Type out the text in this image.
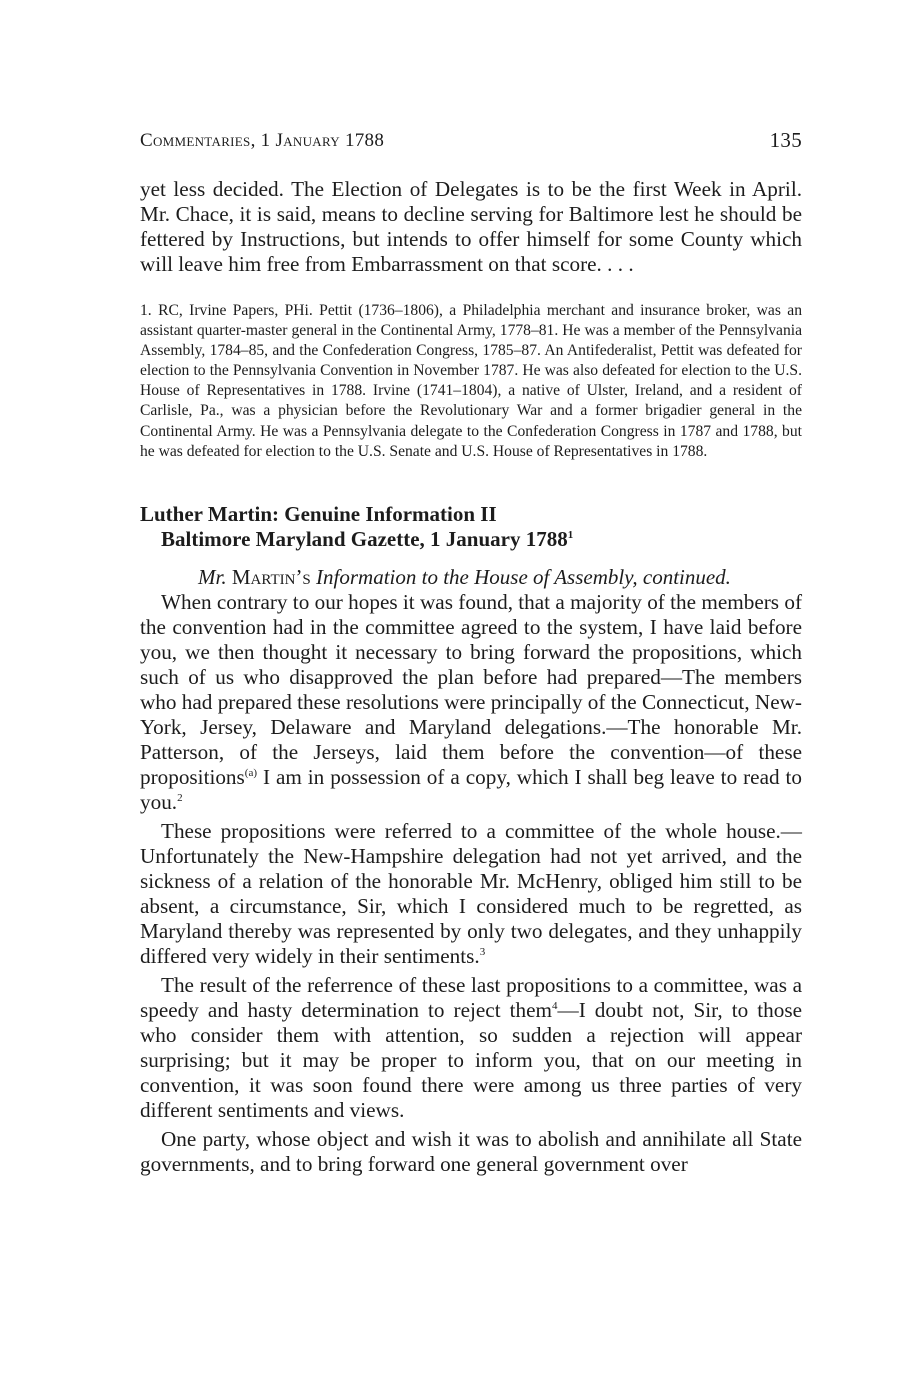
Commentaries, 1 January 1788	135

yet less decided. The Election of Delegates is to be the first Week in April. Mr. Chace, it is said, means to decline serving for Baltimore lest he should be fettered by Instructions, but intends to offer himself for some County which will leave him free from Embarrassment on that score. . . .

1. RC, Irvine Papers, PHi. Pettit (1736–1806), a Philadelphia merchant and insurance broker, was an assistant quarter-master general in the Continental Army, 1778–81. He was a member of the Pennsylvania Assembly, 1784–85, and the Confederation Congress, 1785–87. An Antifederalist, Pettit was defeated for election to the Pennsylvania Convention in November 1787. He was also defeated for election to the U.S. House of Representatives in 1788. Irvine (1741–1804), a native of Ulster, Ireland, and a resident of Carlisle, Pa., was a physician before the Revolutionary War and a former brigadier general in the Continental Army. He was a Pennsylvania delegate to the Confederation Congress in 1787 and 1788, but he was defeated for election to the U.S. Senate and U.S. House of Representatives in 1788.

Luther Martin: Genuine Information II
Baltimore Maryland Gazette, 1 January 1788$^1$
Mr. Martin’s Information to the House of Assembly, continued.

When contrary to our hopes it was found, that a majority of the members of the convention had in the committee agreed to the system, I have laid before you, we then thought it necessary to bring forward the propositions, which such of us who disapproved the plan before had prepared—The members who had prepared these resolutions were principally of the Connecticut, New-York, Jersey, Delaware and Maryland delegations.—The honorable Mr. Patterson, of the Jerseys, laid them before the convention—of these propositions$^{(a)}$ I am in possession of a copy, which I shall beg leave to read to you.$^2$

These propositions were referred to a committee of the whole house.—Unfortunately the New-Hampshire delegation had not yet arrived, and the sickness of a relation of the honorable Mr. McHenry, obliged him still to be absent, a circumstance, Sir, which I considered much to be regretted, as Maryland thereby was represented by only two delegates, and they unhappily differed very widely in their sentiments.$^3$

The result of the referrence of these last propositions to a committee, was a speedy and hasty determination to reject them$^4$—I doubt not, Sir, to those who consider them with attention, so sudden a rejection will appear surprising; but it may be proper to inform you, that on our meeting in convention, it was soon found there were among us three parties of very different sentiments and views.

One party, whose object and wish it was to abolish and annihilate all State governments, and to bring forward one general government over
